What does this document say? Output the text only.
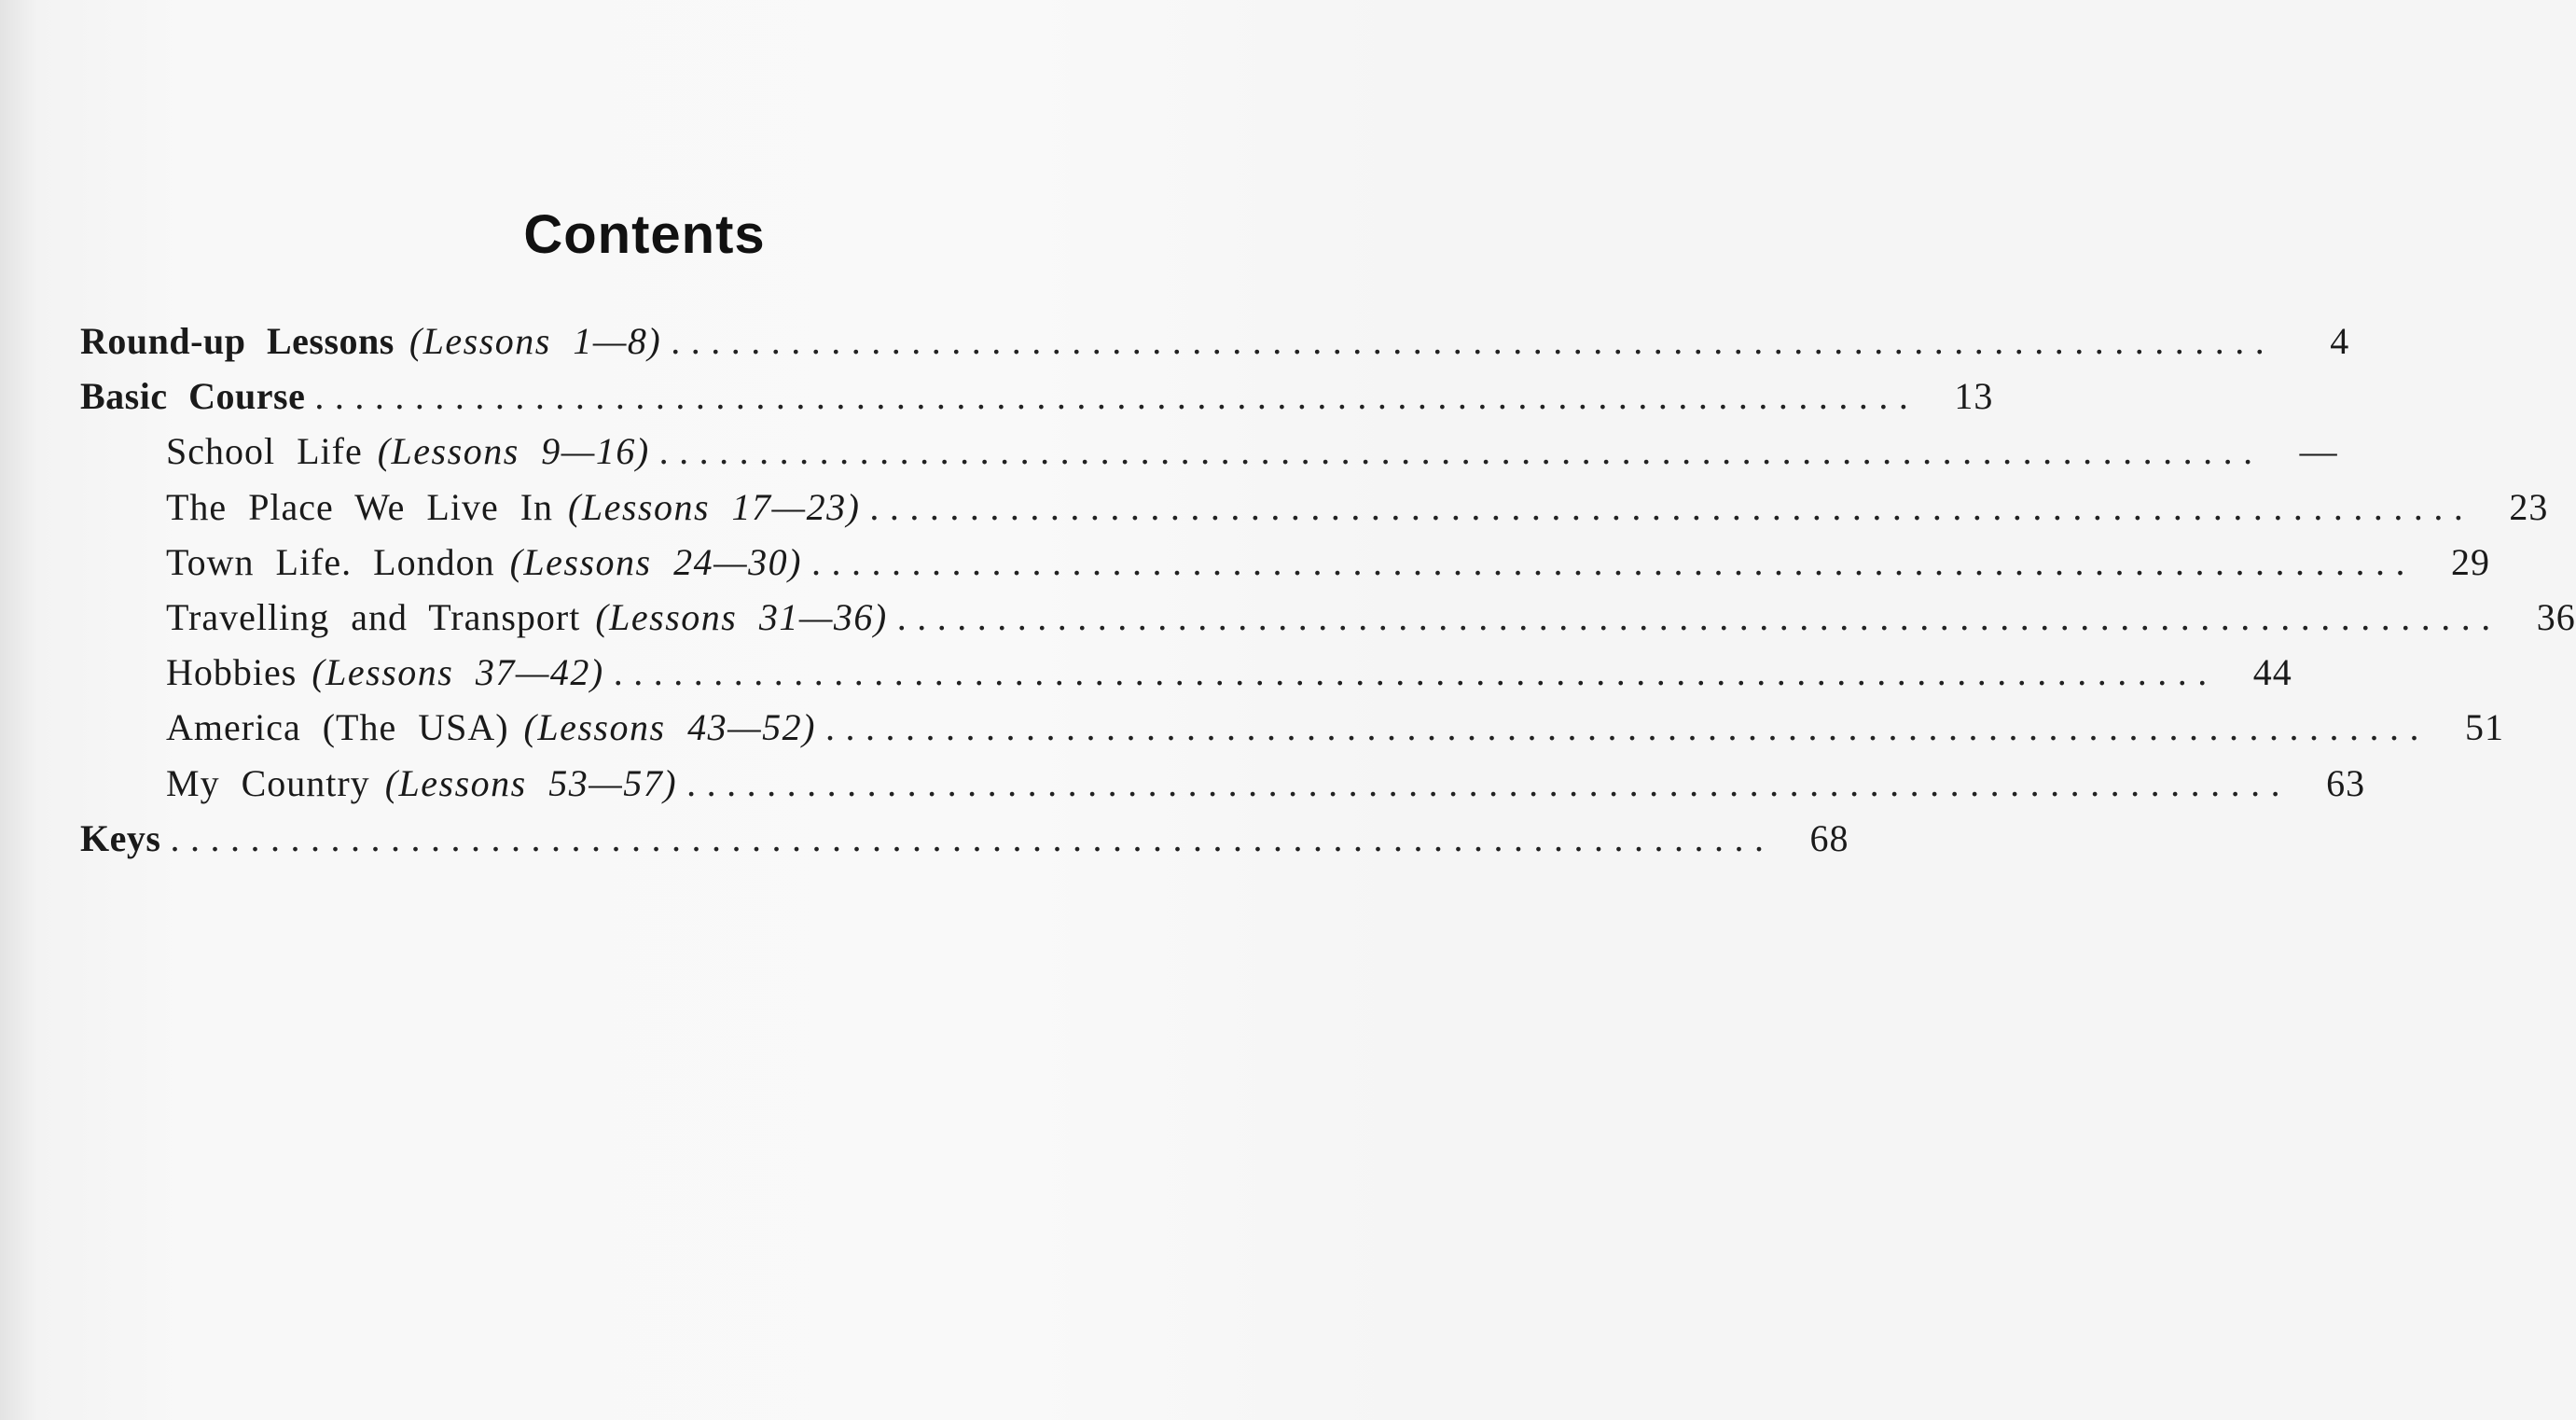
Contents
Round-up Lessons (Lessons 1—8) ................................................................................	4
Basic Course ................................................................................ 13
School Life (Lessons 9—16) ................................................................................ —
The Place We Live In (Lessons 17—23) ................................................................................ 23
Town Life. London (Lessons 24—30) ................................................................................ 29
Travelling and Transport (Lessons 31—36) ................................................................................ 36
Hobbies (Lessons 37—42) ................................................................................ 44
America (The USA) (Lessons 43—52) ................................................................................ 51
My Country (Lessons 53—57) ................................................................................ 63
Keys ................................................................................ 68
